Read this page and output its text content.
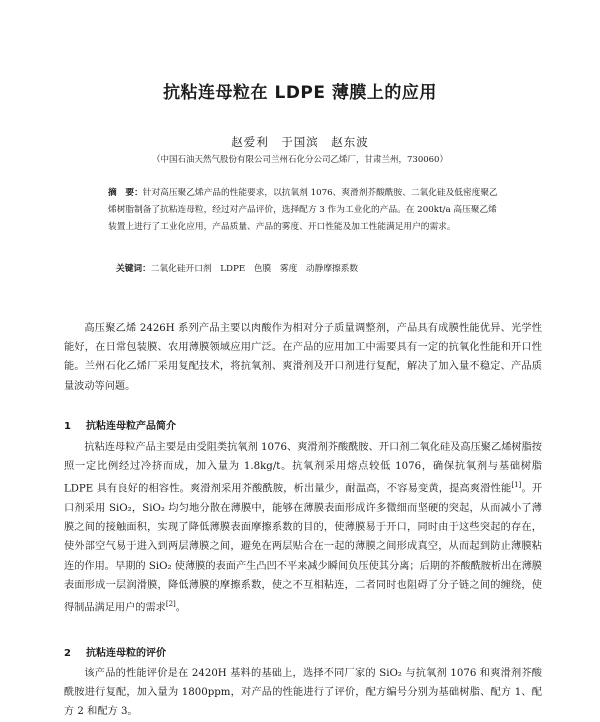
抗粘连母粒在 LDPE 薄膜上的应用
赵爱利　于国滨　赵东波
（中国石油天然气股份有限公司兰州石化分公司乙烯厂，甘肃兰州，730060）
摘　要：针对高压聚乙烯产品的性能要求，以抗氧剂 1076、爽滑剂芥酸酰胺、二氧化硅及低密度聚乙烯树脂制备了抗粘连母粒，经过对产品评价，选择配方 3 作为工业化的产品。在 200kt/a 高压聚乙烯装置上进行了工业化应用，产品质量、产品的雾度、开口性能及加工性能满足用户的需求。
关键词：二氧化硅开口剂　LDPE　色膜　雾度　动静摩擦系数
高压聚乙烯 2426H 系列产品主要以肉酸作为相对分子质量调整剂，产品具有成膜性能优异、光学性能好，在日常包装膜、农用薄膜领域应用广泛。在产品的应用加工中需要具有一定的抗氧化性能和开口性能。兰州石化乙烯厂采用复配技术，将抗氧剂、爽滑剂及开口剂进行复配，解决了加入量不稳定、产品质量波动等问题。
1 抗粘连母粒产品简介
抗粘连母粒产品主要是由受阻类抗氧剂 1076、爽滑剂芥酸酰胺、开口剂二氧化硅及高压聚乙烯树脂按照一定比例经过冷挤而成，加入量为 1.8kg/t。抗氧剂采用熔点较低 1076，确保抗氧剂与基础树脂 LDPE 具有良好的相容性。爽滑剂采用芥酸酰胺，析出量少，耐温高，不容易变黄，提高爽滑性能[1]。开口剂采用 SiO₂，SiO₂ 均匀地分散在薄膜中，能够在薄膜表面形成许多微细而坚硬的突起，从而减小了薄膜之间的接触面积，实现了降低薄膜表面摩擦系数的目的，使薄膜易于开口，同时由于这些突起的存在，使外部空气易于进入到两层薄膜之间，避免在两层贴合在一起的薄膜之间形成真空，从而起到防止薄膜粘连的作用。早期的 SiO₂ 使薄膜的表面产生凸凹不平来减少瞬间负压使其分离；后期的芥酸酰胺析出在薄膜表面形成一层润滑膜，降低薄膜的摩擦系数，使之不互相粘连，二者同时也阻碍了分子链之间的缠绕，使得制品满足用户的需求[2]。
2 抗粘连母粒的评价
该产品的性能评价是在 2420H 基料的基础上，选择不同厂家的 SiO₂ 与抗氧剂 1076 和爽滑剂芥酸酰胺进行复配，加入量为 1800ppm，对产品的性能进行了评价，配方编号分别为基础树脂、配方 1、配方 2 和配方 3。
